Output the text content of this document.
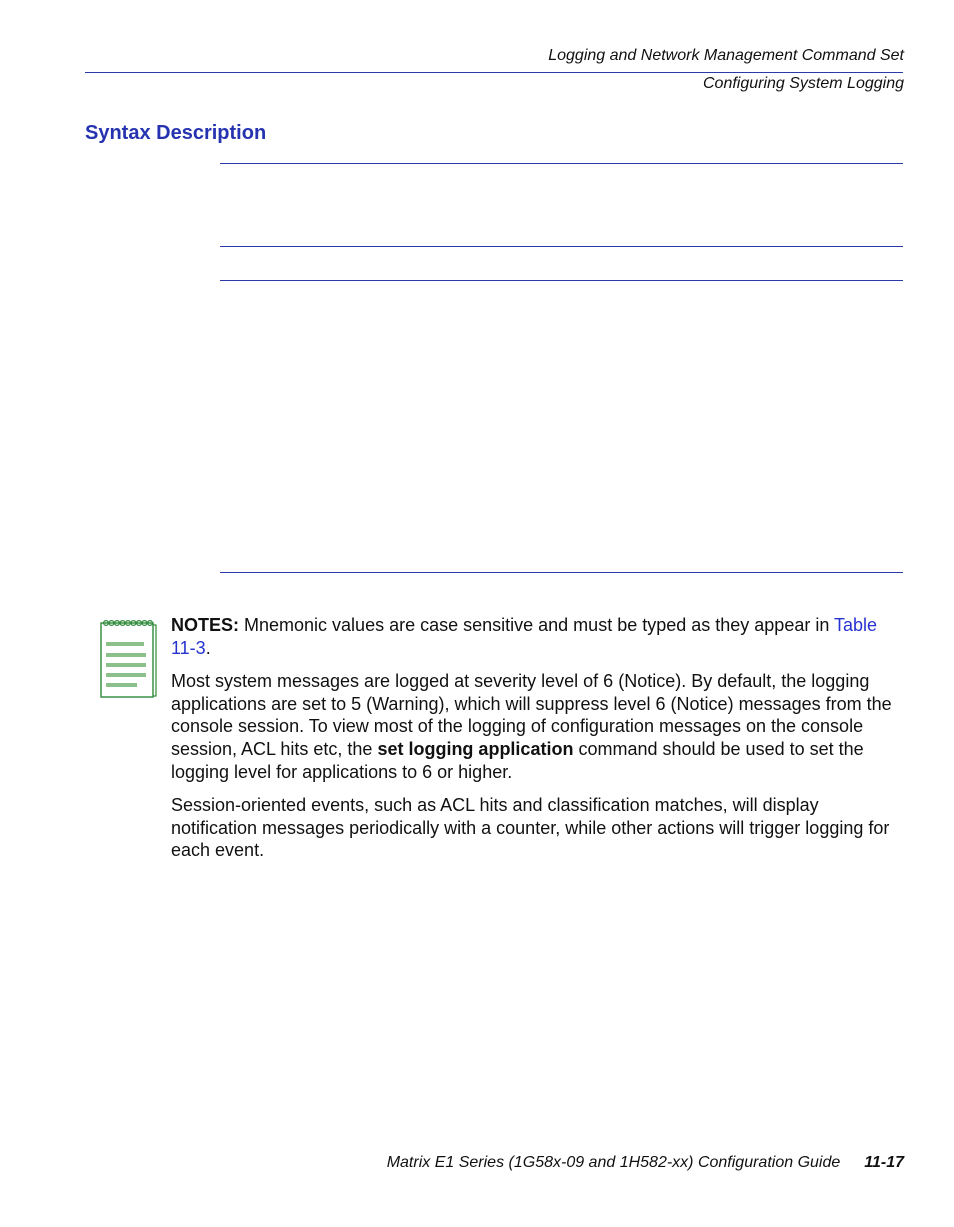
Logging and Network Management Command Set
Configuring System Logging
Syntax Description

NOTES: Mnemonic values are case sensitive and must be typed as they appear in Table 11-3.

Most system messages are logged at severity level of 6 (Notice). By default, the logging applications are set to 5 (Warning), which will suppress level 6 (Notice) messages from the console session. To view most of the logging of configuration messages on the console session, ACL hits etc, the set logging application command should be used to set the logging level for applications to 6 or higher.

Session-oriented events, such as ACL hits and classification matches, will display notification messages periodically with a counter, while other actions will trigger logging for each event.

Matrix E1 Series (1G58x-09 and 1H582-xx) Configuration Guide 11-17
